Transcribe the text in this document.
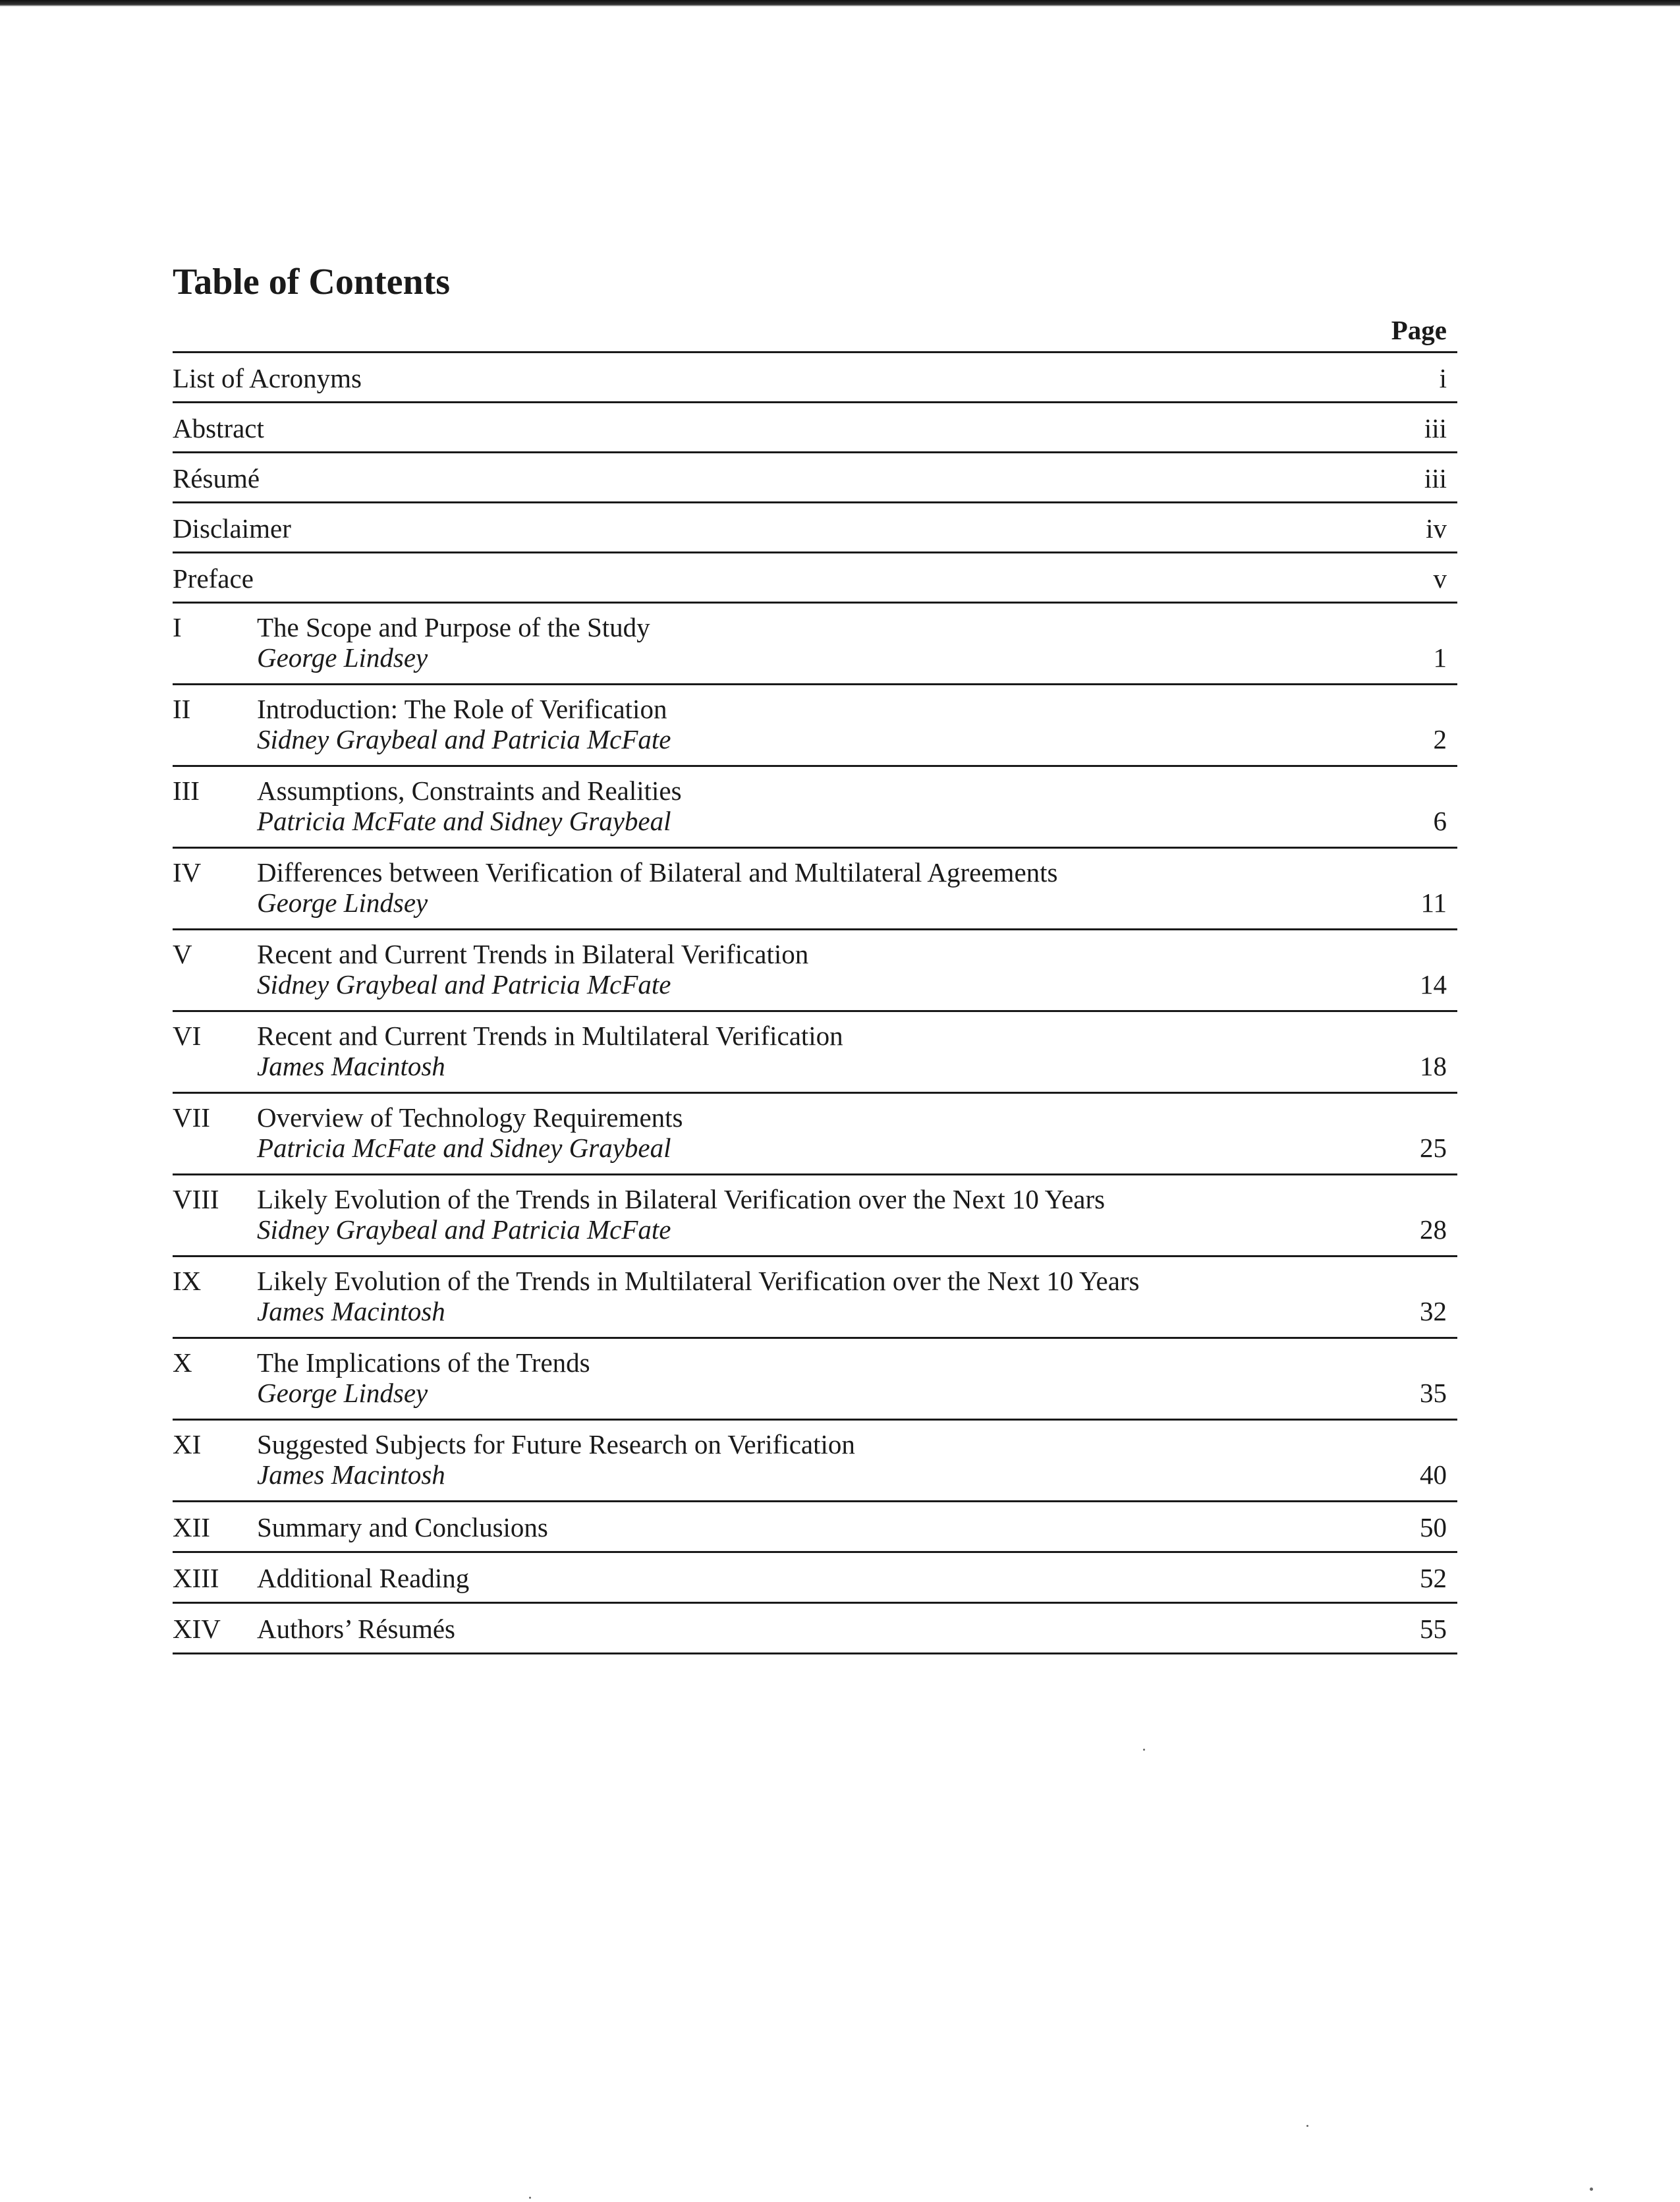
Table of Contents
Page
List of Acronyms	i
Abstract	iii
Résumé	iii
Disclaimer	iv
Preface	v
I	The Scope and Purpose of the Study
George Lindsey	1
II Introduction: The Role of Verification
Sidney Graybeal and Patricia McFate	2
III Assumptions, Constraints and Realities
Patricia McFate and Sidney Graybeal	6
IV Differences between Verification of Bilateral and Multilateral Agreements
George Lindsey	11
V Recent and Current Trends in Bilateral Verification
Sidney Graybeal and Patricia McFate	14
VI Recent and Current Trends in Multilateral Verification
James Macintosh	18
VII Overview of Technology Requirements
Patricia McFate and Sidney Graybeal	25
VIII Likely Evolution of the Trends in Bilateral Verification over the Next 10 Years
Sidney Graybeal and Patricia McFate	28
IX Likely Evolution of the Trends in Multilateral Verification over the Next 10 Years
James Macintosh	32
X The Implications of the Trends
George Lindsey	35
XI Suggested Subjects for Future Research on Verification
James Macintosh	40
XII Summary and Conclusions	50
XIII Additional Reading	52
XIV Authors’ Résumés	55
